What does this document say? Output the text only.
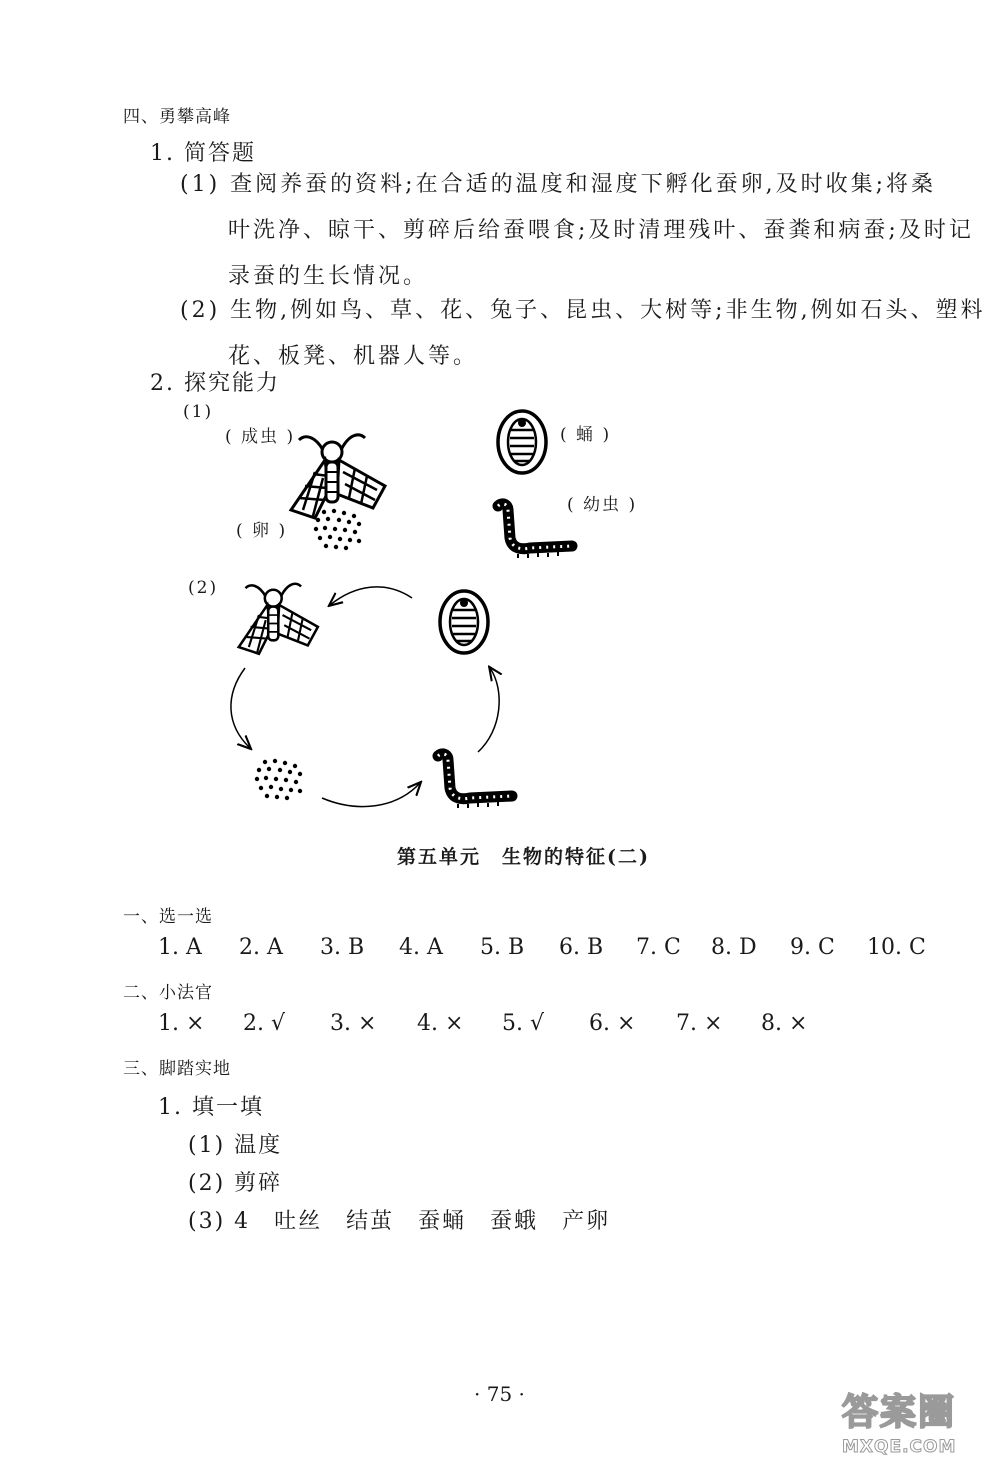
四、勇攀高峰
1. 简答题
(1) 查阅养蚕的资料;在合适的温度和湿度下孵化蚕卵,及时收集;将桑
叶洗净、晾干、剪碎后给蚕喂食;及时清理残叶、蚕粪和病蚕;及时记
录蚕的生长情况。
(2) 生物,例如鸟、草、花、兔子、昆虫、大树等;非生物,例如石头、塑料
花、板凳、机器人等。
2. 探究能力
(1)
( 成虫 )	( 蛹 )
( 幼虫 )
( 卵 )
(2)
第五单元　生物的特征(二)
一、选一选
1. A 2. A 3. B 4. A 5. B 6. B 7. C 8. D 9. C 10. C
二、小法官
1. × 2. √ 3. × 4. × 5. √ 6. × 7. × 8. ×
三、脚踏实地
1. 填一填
(1) 温度
(2) 剪碎
(3) 4　吐丝　结茧　蚕蛹　蚕蛾　产卵
· 75 ·	答案圈
MXQE.COM
